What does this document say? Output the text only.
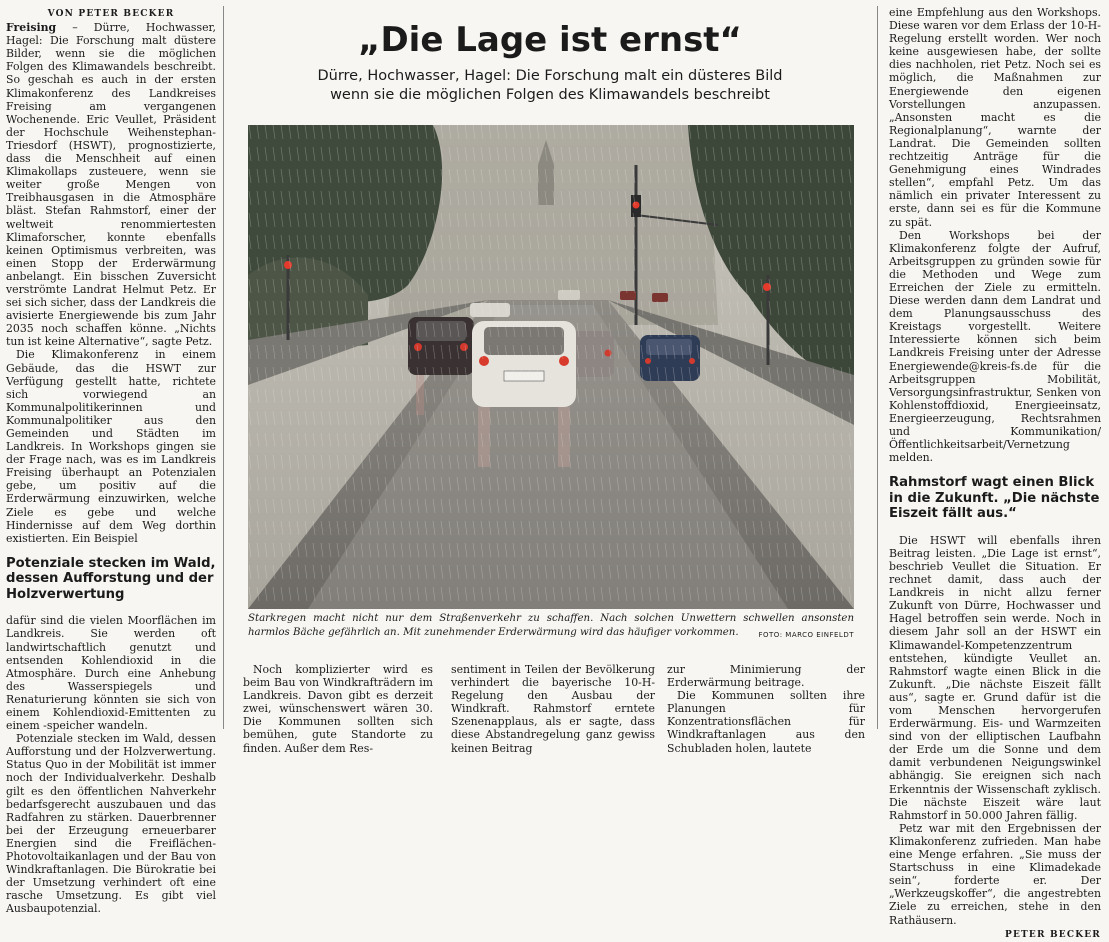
VON PETER BECKER

Freising – Dürre, Hochwasser, Hagel: Die Forschung malt düstere Bilder, wenn sie die möglichen Folgen des Klimawandels beschreibt. So geschah es auch in der ersten Klimakonferenz des Landkreises Freising am vergangenen Wochenende. Eric Veullet, Präsident der Hochschule Weihenstephan-Triesdorf (HSWT), prognostizierte, dass die Menschheit auf einen Klimakollaps zusteuere, wenn sie weiter große Mengen von Treibhausgasen in die Atmosphäre bläst. Stefan Rahmstorf, einer der weltweit renommiertesten Klimaforscher, konnte ebenfalls keinen Optimismus verbreiten, was einen Stopp der Erderwärmung anbelangt. Ein bisschen Zuversicht verströmte Landrat Helmut Petz. Er sei sich sicher, dass der Landkreis die avisierte Energiewende bis zum Jahr 2035 noch schaffen könne. „Nichts tun ist keine Alternative“, sagte Petz.

Die Klimakonferenz in einem Gebäude, das die HSWT zur Verfügung gestellt hatte, richtete sich vorwiegend an Kommunalpolitikerinnen und Kommunalpolitiker aus den Gemeinden und Städten im Landkreis. In Workshops gingen sie der Frage nach, was es im Landkreis Freising überhaupt an Potenzialen gebe, um positiv auf die Erderwärmung einzuwirken, welche Ziele es gebe und welche Hindernisse auf dem Weg dorthin existierten. Ein Beispiel

Potenziale stecken im Wald, dessen Aufforstung und der Holzverwertung

dafür sind die vielen Moorflächen im Landkreis. Sie werden oft landwirtschaftlich genutzt und entsenden Kohlendioxid in die Atmosphäre. Durch eine Anhebung des Wasserspiegels und Renaturierung könnten sie sich von einem Kohlendioxid-Emittenten zu einem -speicher wandeln.

Potenziale stecken im Wald, dessen Aufforstung und der Holzverwertung. Status Quo in der Mobilität ist immer noch der Individualverkehr. Deshalb gilt es den öffentlichen Nahverkehr bedarfsgerecht auszubauen und das Radfahren zu stärken. Dauerbrenner bei der Erzeugung erneuerbarer Energien sind die Freiflächen-Photovoltaikanlagen und der Bau von Windkraftanlagen. Die Bürokratie bei der Umsetzung verhindert oft eine rasche Umsetzung. Es gibt viel Ausbaupotenzial.

„Die Lage ist ernst“
Dürre, Hochwasser, Hagel: Die Forschung malt ein düsteres Bild
wenn sie die möglichen Folgen des Klimawandels beschreibt
Starkregen macht nicht nur dem Straßenverkehr zu schaffen. Nach solchen Unwettern schwellen ansonsten harmlos Bäche gefährlich an. Mit zunehmender Erderwärmung wird das häufiger vorkommen.	FOTO: MARCO EINFELDT

Noch komplizierter wird es beim Bau von Windkrafträdern im Landkreis. Davon gibt es derzeit zwei, wünschenswert wären 30. Die Kommunen sollten sich bemühen, gute Standorte zu finden. Außer dem Res-

sentiment in Teilen der Bevölkerung verhindert die bayerische 10-H-Regelung den Ausbau der Windkraft. Rahmstorf erntete Szenenapplaus, als er sagte, dass diese Abstandregelung ganz gewiss keinen Beitrag

zur Minimierung der Erderwärmung beitrage.

Die Kommunen sollten ihre Planungen für Konzentrationsflächen für Windkraftanlagen aus den Schubladen holen, lautete

eine Empfehlung aus den Workshops. Diese waren vor dem Erlass der 10-H-Regelung erstellt worden. Wer noch keine ausgewiesen habe, der sollte dies nachholen, riet Petz. Noch sei es möglich, die Maßnahmen zur Energiewende den eigenen Vorstellungen anzupassen. „Ansonsten macht es die Regionalplanung“, warnte der Landrat. Die Gemeinden sollten rechtzeitig Anträge für die Genehmigung eines Windrades stellen“, empfahl Petz. Um das nämlich ein privater Interessent zu erste, dann sei es für die Kommune zu spät.

Den Workshops bei der Klimakonferenz folgte der Aufruf, Arbeitsgruppen zu gründen sowie für die Methoden und Wege zum Erreichen der Ziele zu ermitteln. Diese werden dann dem Landrat und dem Planungsausschuss des Kreistags vorgestellt. Weitere Interessierte können sich beim Landkreis Freising unter der Adresse Energiewende@kreis-fs.de für die Arbeitsgruppen Mobilität, Versorgungsinfrastruktur, Senken von Kohlenstoffdioxid, Energieeinsatz, Energieerzeugung, Rechtsrahmen und Kommunikation/Öffentlichkeitsarbeit/Vernetzung melden.

Rahmstorf wagt einen Blick in die Zukunft. „Die nächste Eiszeit fällt aus.“

Die HSWT will ebenfalls ihren Beitrag leisten. „Die Lage ist ernst“, beschrieb Veullet die Situation. Er rechnet damit, dass auch der Landkreis in nicht allzu ferner Zukunft von Dürre, Hochwasser und Hagel betroffen sein werde. Noch in diesem Jahr soll an der HSWT ein Klimawandel-Kompetenzzentrum entstehen, kündigte Veullet an. Rahmstorf wagte einen Blick in die Zukunft. „Die nächste Eiszeit fällt aus“, sagte er. Grund dafür ist die vom Menschen hervorgerufen Erderwärmung. Eis- und Warmzeiten sind von der elliptischen Laufbahn der Erde um die Sonne und dem damit verbundenen Neigungswinkel abhängig. Sie ereignen sich nach Erkenntnis der Wissenschaft zyklisch. Die nächste Eiszeit wäre laut Rahmstorf in 50.000 Jahren fällig.

Petz war mit den Ergebnissen der Klimakonferenz zufrieden. Man habe eine Menge erfahren. „Sie muss der Startschuss in eine Klimadekade sein“, forderte er. Der „Werkzeugskoffer“, die angestrebten Ziele zu erreichen, stehe in den Rathäusern.

PETER BECKER
